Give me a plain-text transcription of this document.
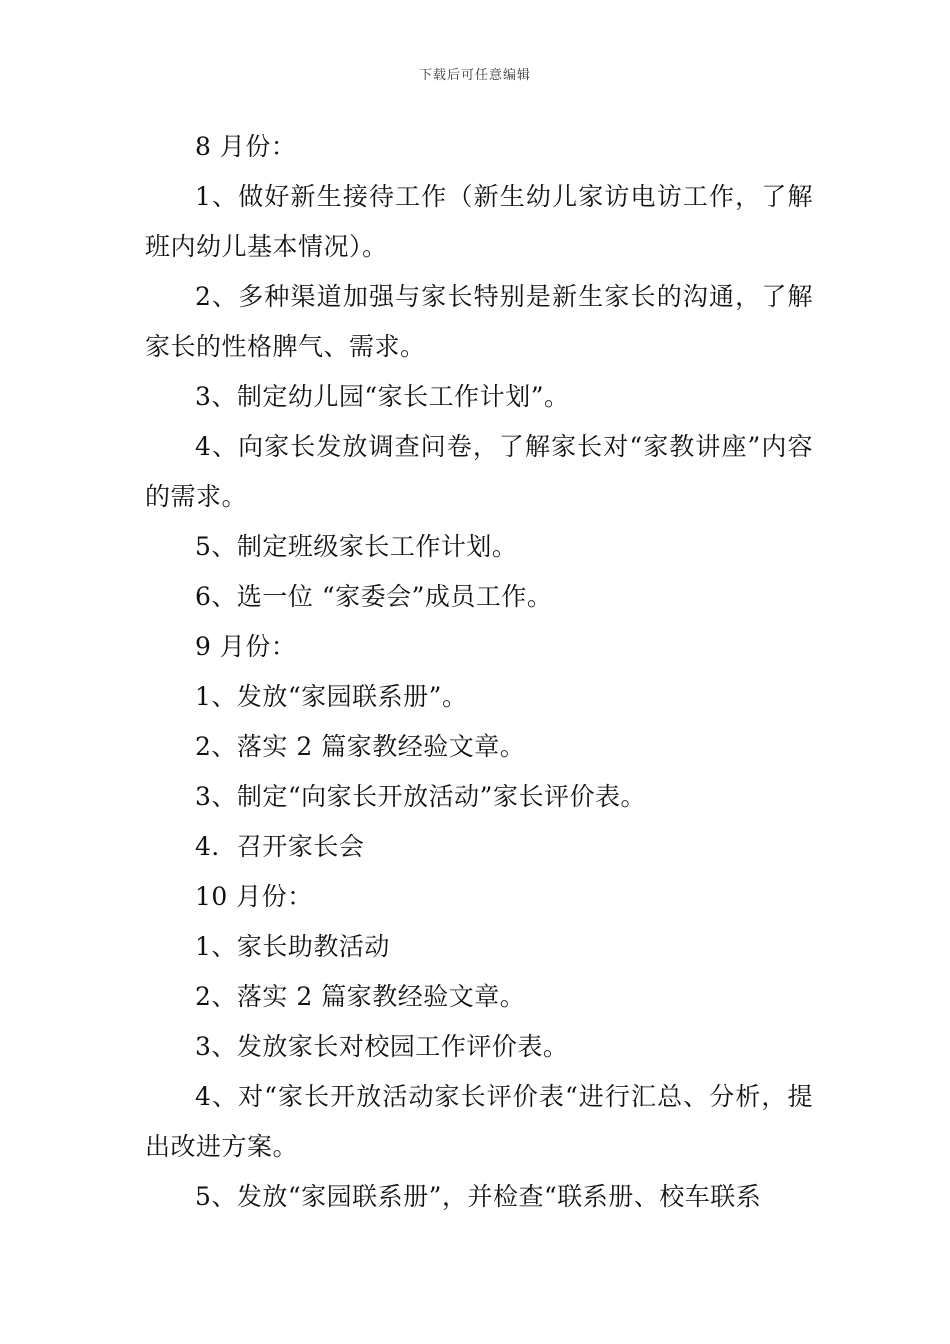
下载后可任意编辑

8 月份：

1、做好新生接待工作（新生幼儿家访电访工作，了解班内幼儿基本情况）。

2、多种渠道加强与家长特别是新生家长的沟通，了解家长的性格脾气、需求。

3、制定幼儿园“家长工作计划”。

4、向家长发放调查问卷，了解家长对“家教讲座”内容的需求。

5、制定班级家长工作计划。

6、选一位 “家委会”成员工作。

9 月份：

1、发放“家园联系册”。

2、落实 2 篇家教经验文章。

3、制定“向家长开放活动”家长评价表。

4．召开家长会

10 月份：

1、家长助教活动

2、落实 2 篇家教经验文章。

3、发放家长对校园工作评价表。

4、对“家长开放活动家长评价表“进行汇总、分析，提出改进方案。

5、发放“家园联系册”，并检查“联系册、校车联系
